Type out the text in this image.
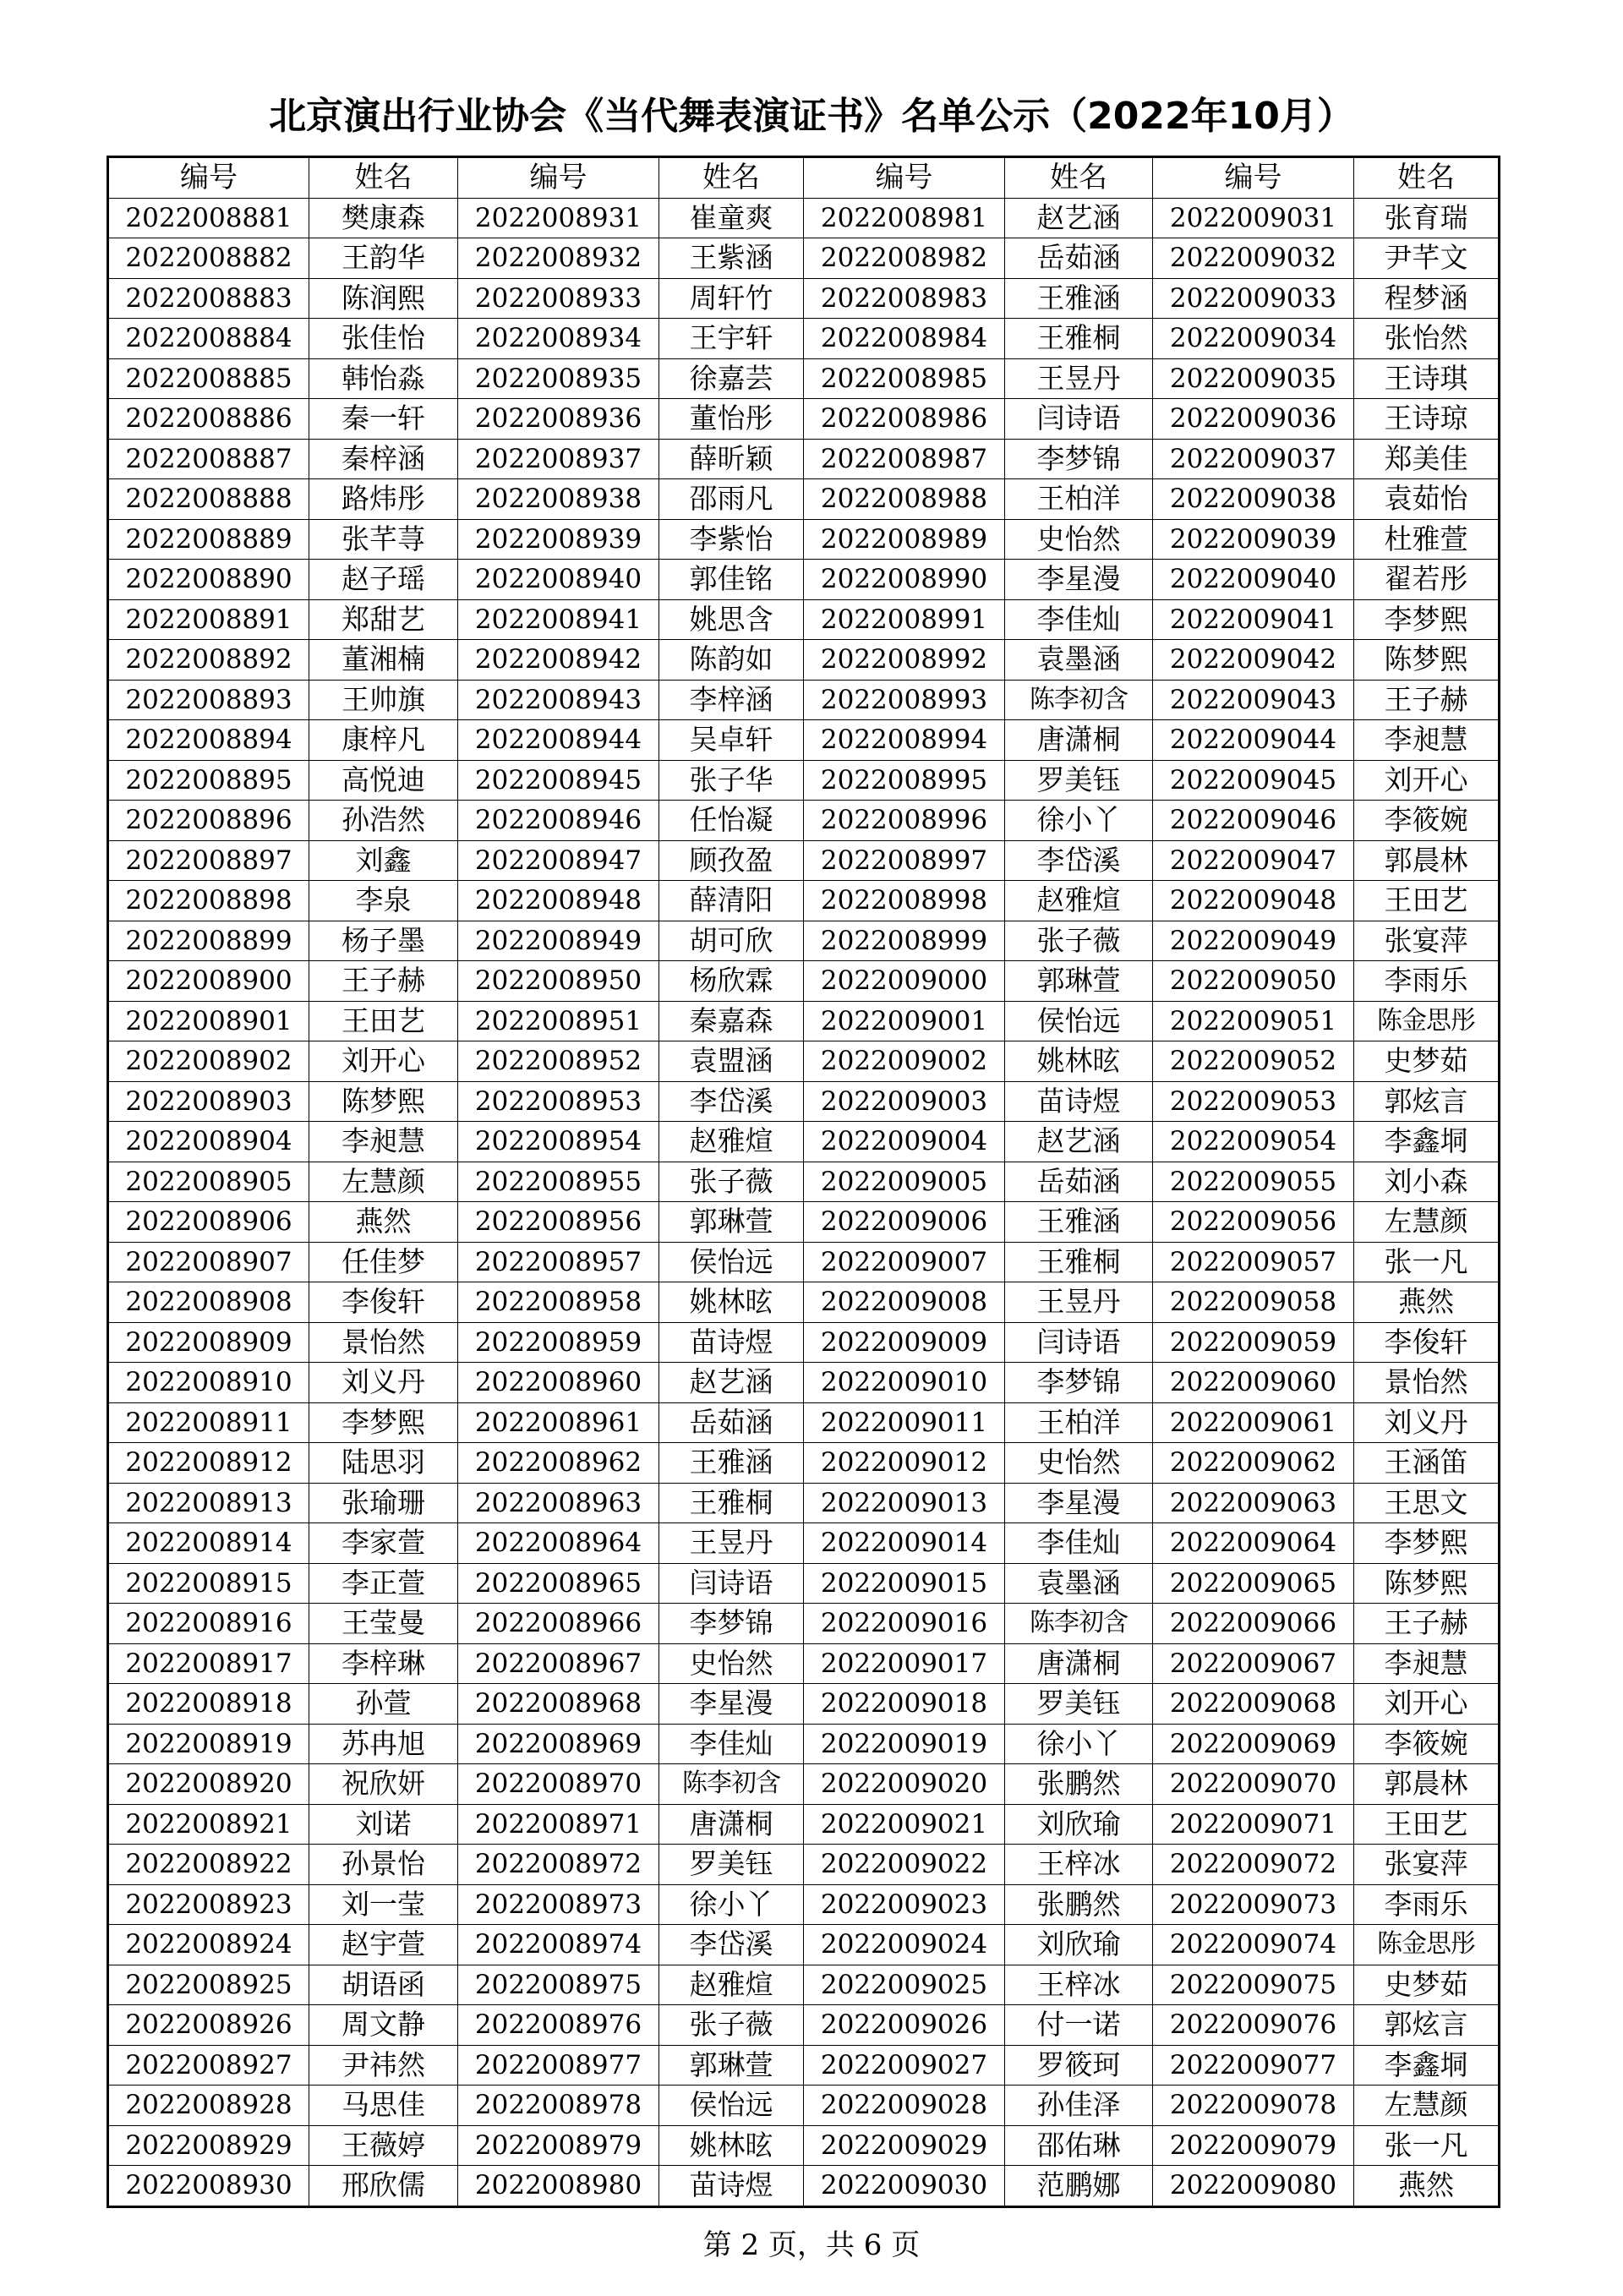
北京演出行业协会《当代舞表演证书》名单公示（2022年10月）
编号	姓名	编号	姓名	编号	姓名	编号	姓名
2022008881	樊康森	2022008931	崔童爽	2022008981	赵艺涵	2022009031	张育瑞
2022008882	王韵华	2022008932	王紫涵	2022008982	岳茹涵	2022009032	尹芊文
2022008883	陈润熙	2022008933	周轩竹	2022008983	王雅涵	2022009033	程梦涵
2022008884	张佳怡	2022008934	王宇轩	2022008984	王雅桐	2022009034	张怡然
2022008885	韩怡淼	2022008935	徐嘉芸	2022008985	王昱丹	2022009035	王诗琪
2022008886	秦一轩	2022008936	董怡彤	2022008986	闫诗语	2022009036	王诗琼
2022008887	秦梓涵	2022008937	薛昕颖	2022008987	李梦锦	2022009037	郑美佳
2022008888	路炜彤	2022008938	邵雨凡	2022008988	王柏洋	2022009038	袁茹怡
2022008889	张芊荨	2022008939	李紫怡	2022008989	史怡然	2022009039	杜雅萱
2022008890	赵子瑶	2022008940	郭佳铭	2022008990	李星漫	2022009040	翟若彤
2022008891	郑甜艺	2022008941	姚思含	2022008991	李佳灿	2022009041	李梦熙
2022008892	董湘楠	2022008942	陈韵如	2022008992	袁墨涵	2022009042	陈梦熙
2022008893	王帅旗	2022008943	李梓涵	2022008993	陈李初含	2022009043	王子赫
2022008894	康梓凡	2022008944	吴卓轩	2022008994	唐潇桐	2022009044	李昶慧
2022008895	高悦迪	2022008945	张子华	2022008995	罗美钰	2022009045	刘开心
2022008896	孙浩然	2022008946	任怡凝	2022008996	徐小丫	2022009046	李筱婉
2022008897	刘鑫	2022008947	顾孜盈	2022008997	李岱溪	2022009047	郭晨林
2022008898	李泉	2022008948	薛清阳	2022008998	赵雅煊	2022009048	王田艺
2022008899	杨子墨	2022008949	胡可欣	2022008999	张子薇	2022009049	张宴萍
2022008900	王子赫	2022008950	杨欣霖	2022009000	郭琳萱	2022009050	李雨乐
2022008901	王田艺	2022008951	秦嘉森	2022009001	侯怡远	2022009051	陈金思彤
2022008902	刘开心	2022008952	袁盟涵	2022009002	姚林昡	2022009052	史梦茹
2022008903	陈梦熙	2022008953	李岱溪	2022009003	苗诗煜	2022009053	郭炫言
2022008904	李昶慧	2022008954	赵雅煊	2022009004	赵艺涵	2022009054	李鑫垌
2022008905	左慧颜	2022008955	张子薇	2022009005	岳茹涵	2022009055	刘小森
2022008906	燕然	2022008956	郭琳萱	2022009006	王雅涵	2022009056	左慧颜
2022008907	任佳梦	2022008957	侯怡远	2022009007	王雅桐	2022009057	张一凡
2022008908	李俊轩	2022008958	姚林昡	2022009008	王昱丹	2022009058	燕然
2022008909	景怡然	2022008959	苗诗煜	2022009009	闫诗语	2022009059	李俊轩
2022008910	刘义丹	2022008960	赵艺涵	2022009010	李梦锦	2022009060	景怡然
2022008911	李梦熙	2022008961	岳茹涵	2022009011	王柏洋	2022009061	刘义丹
2022008912	陆思羽	2022008962	王雅涵	2022009012	史怡然	2022009062	王涵笛
2022008913	张瑜珊	2022008963	王雅桐	2022009013	李星漫	2022009063	王思文
2022008914	李家萱	2022008964	王昱丹	2022009014	李佳灿	2022009064	李梦熙
2022008915	李正萱	2022008965	闫诗语	2022009015	袁墨涵	2022009065	陈梦熙
2022008916	王莹曼	2022008966	李梦锦	2022009016	陈李初含	2022009066	王子赫
2022008917	李梓琳	2022008967	史怡然	2022009017	唐潇桐	2022009067	李昶慧
2022008918	孙萱	2022008968	李星漫	2022009018	罗美钰	2022009068	刘开心
2022008919	苏冉旭	2022008969	李佳灿	2022009019	徐小丫	2022009069	李筱婉
2022008920	祝欣妍	2022008970	陈李初含	2022009020	张鹏然	2022009070	郭晨林
2022008921	刘诺	2022008971	唐潇桐	2022009021	刘欣瑜	2022009071	王田艺
2022008922	孙景怡	2022008972	罗美钰	2022009022	王梓冰	2022009072	张宴萍
2022008923	刘一莹	2022008973	徐小丫	2022009023	张鹏然	2022009073	李雨乐
2022008924	赵宇萱	2022008974	李岱溪	2022009024	刘欣瑜	2022009074	陈金思彤
2022008925	胡语函	2022008975	赵雅煊	2022009025	王梓冰	2022009075	史梦茹
2022008926	周文静	2022008976	张子薇	2022009026	付一诺	2022009076	郭炫言
2022008927	尹祎然	2022008977	郭琳萱	2022009027	罗筱珂	2022009077	李鑫垌
2022008928	马思佳	2022008978	侯怡远	2022009028	孙佳泽	2022009078	左慧颜
2022008929	王薇婷	2022008979	姚林昡	2022009029	邵佑琳	2022009079	张一凡
2022008930	邢欣儒	2022008980	苗诗煜	2022009030	范鹏娜	2022009080	燕然
第 2 页，共 6 页
